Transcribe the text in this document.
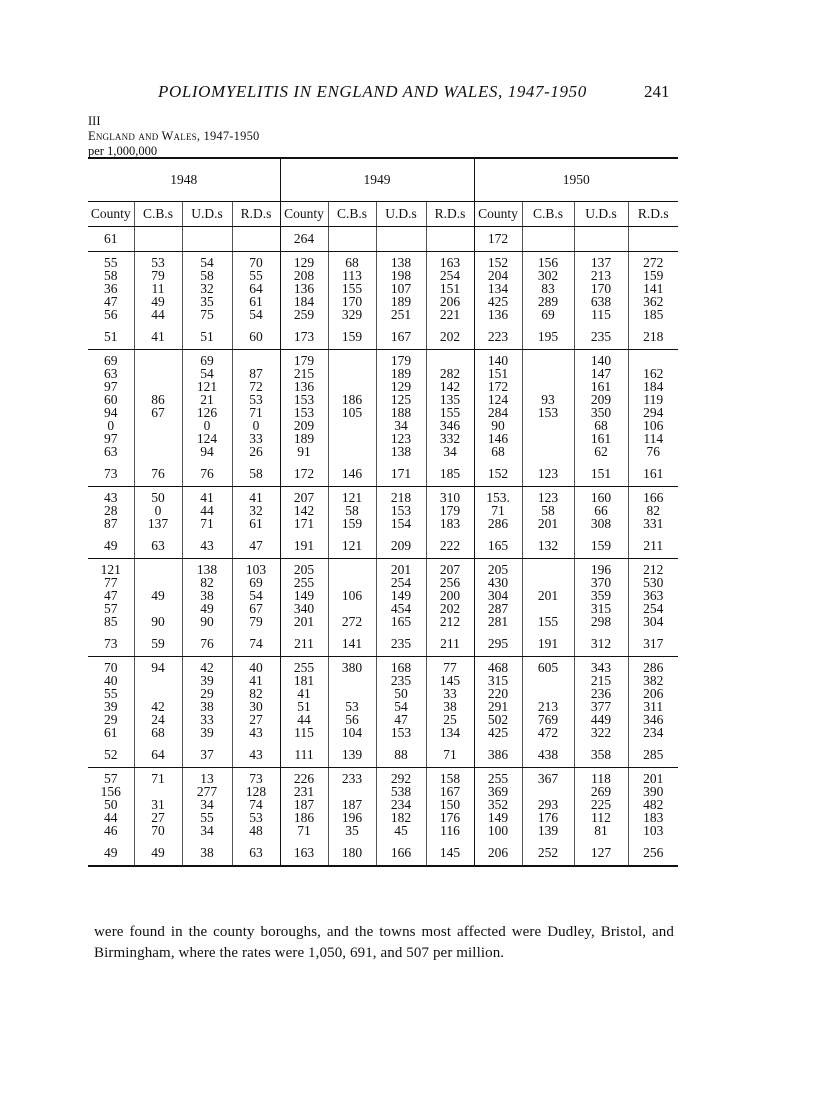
POLIOMYELITIS IN ENGLAND AND WALES, 1947-1950	241
III
England and Wales, 1947-1950
per 1,000,000

1948				1949				1950			
County	C.B.s	U.D.s	R.D.s	County	C.B.s	U.D.s	R.D.s	County	C.B.s	U.D.s	R.D.s
61				264				172			
55	53	54	70	129	68	138	163	152	156	137	272
58	79	58	55	208	113	198	254	204	302	213	159
36	11	32	64	136	155	107	151	134	83	170	141
47	49	35	61	184	170	189	206	425	289	638	362
56	44	75	54	259	329	251	221	136	69	115	185
51	41	51	60	173	159	167	202	223	195	235	218
69		69		179		179		140		140	
63		54	87	215		189	282	151		147	162
97		121	72	136		129	142	172		161	184
60	86	21	53	153	186	125	135	124	93	209	119
94	67	126	71	153	105	188	155	284	153	350	294
0		0	0	209		34	346	90		68	106
97		124	33	189		123	332	146		161	114
63		94	26	91		138	34	68		62	76
73	76	76	58	172	146	171	185	152	123	151	161
43	50	41	41	207	121	218	310	153.	123	160	166
28	0	44	32	142	58	153	179	71	58	66	82
87	137	71	61	171	159	154	183	286	201	308	331
49	63	43	47	191	121	209	222	165	132	159	211
121		138	103	205		201	207	205		196	212
77		82	69	255		254	256	430		370	530
47	49	38	54	149	106	149	200	304	201	359	363
57		49	67	340		454	202	287		315	254
85	90	90	79	201	272	165	212	281	155	298	304
73	59	76	74	211	141	235	211	295	191	312	317
70	94	42	40	255	380	168	77	468	605	343	286
40		39	41	181		235	145	315		215	382
55		29	82	41		50	33	220		236	206
39	42	38	30	51	53	54	38	291	213	377	311
29	24	33	27	44	56	47	25	502	769	449	346
61	68	39	43	115	104	153	134	425	472	322	234
52	64	37	43	111	139	88	71	386	438	358	285
57	71	13	73	226	233	292	158	255	367	118	201
156		277	128	231		538	167	369		269	390
50	31	34	74	187	187	234	150	352	293	225	482
44	27	55	53	186	196	182	176	149	176	112	183
46	70	34	48	71	35	45	116	100	139	81	103
49	49	38	63	163	180	166	145	206	252	127	256
were found in the county boroughs, and the towns most affected were Dudley, Bristol, and Birmingham, where the rates were 1,050, 691, and 507 per million.
